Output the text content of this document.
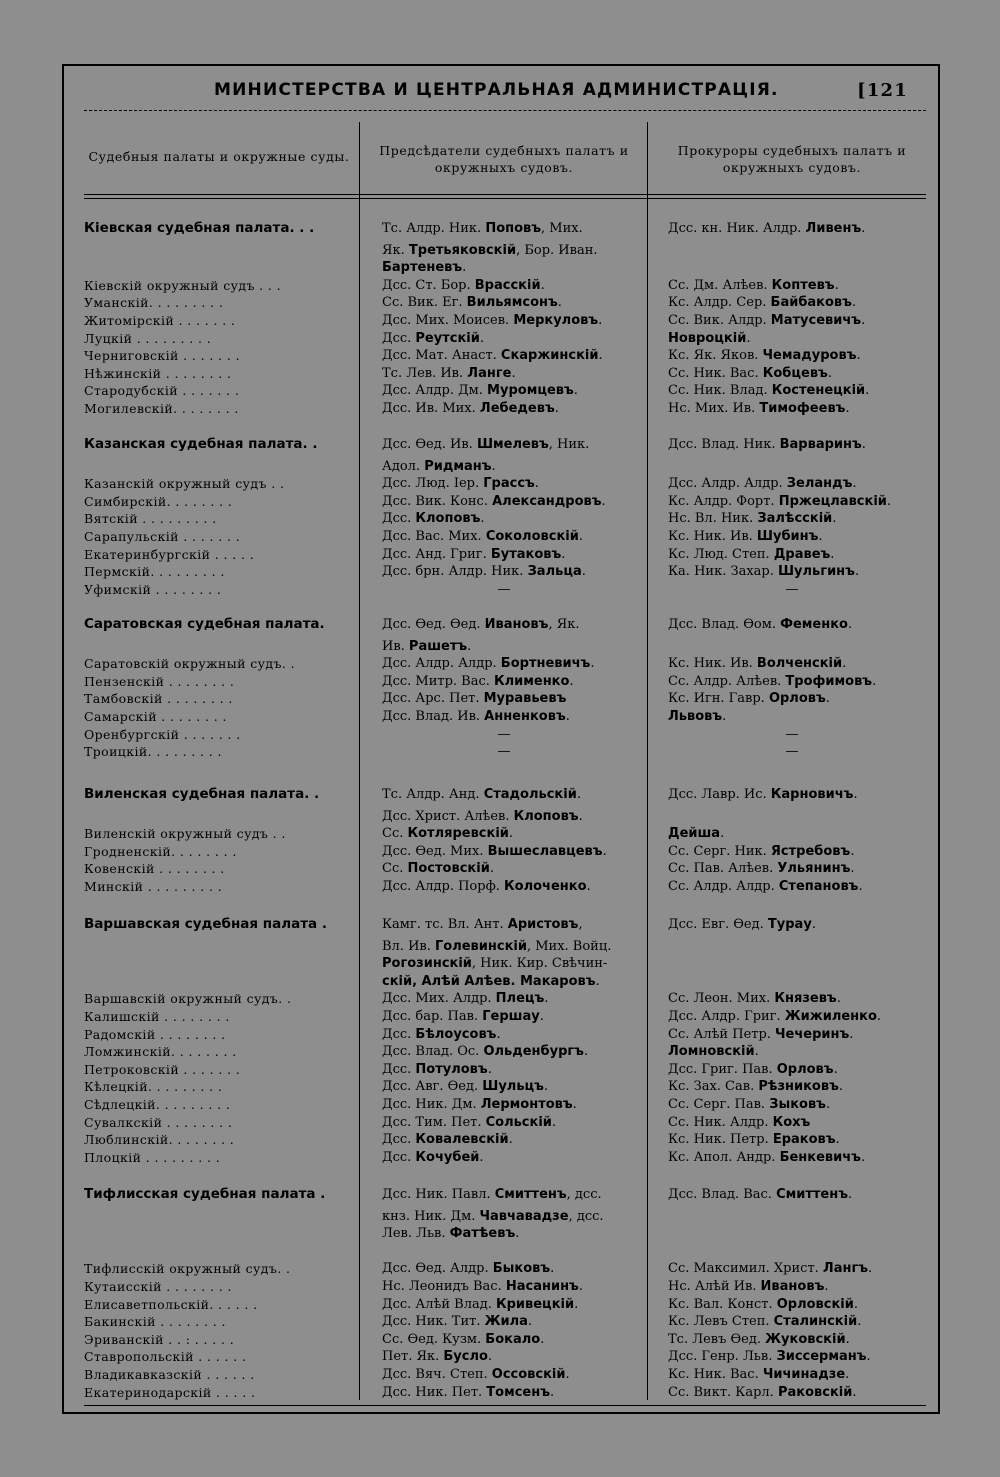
МИНИСТЕРСТВА И ЦЕНТРАЛЬНАЯ АДМИНИСТРАЦІЯ.	[121
Судебныя палаты и окружные суды.	Предсѣдатели судебныхъ палатъ и окружныхъ судовъ.
Прокуроры судебныхъ палатъ и окружныхъ судовъ.
Кіевская судебная палата. . .
Кіевскій окружный судъ . . .
Уманскій. . . . . . . . .
Житомірскій . . . . . . .
Луцкій . . . . . . . . .
Черниговскій . . . . . . .
Нѣжинскій . . . . . . . .
Стародубскій . . . . . . .
Могилевскій. . . . . . . .
Тс. Алдр. Ник. Поповъ, Мих.
Як. Третьяковскій, Бор. Иван.
Бартеневъ.
Дсс. Ст. Бор. Врасскій.
Сс. Вик. Ег. Вильямсонъ.
Дсс. Мих. Моисев. Меркуловъ.
Дсс. Реутскій.
Дсс. Мат. Анаст. Скаржинскій.
Тс. Лев. Ив. Ланге.
Дсс. Алдр. Дм. Муромцевъ.
Дсс. Ив. Мих. Лебедевъ.
Дсс. кн. Ник. Алдр. Ливенъ.
Сс. Дм. Алѣев. Коптевъ.
Кс. Алдр. Сер. Байбаковъ.
Сс. Вик. Алдр. Матусевичъ.
Новроцкій.
Кс. Як. Яков. Чемадуровъ.
Сс. Ник. Вас. Кобцевъ.
Сс. Ник. Влад. Костенецкій.
Нс. Мих. Ив. Тимофеевъ.
Казанская судебная палата. .
Казанскій окружный судъ . .
Симбирскій. . . . . . . .
Вятскій . . . . . . . . .
Сарапульскій . . . . . . .
Екатеринбургскій . . . . .
Пермскій. . . . . . . . .
Уфимскій . . . . . . . .
Дсс. Ѳед. Ив. Шмелевъ, Ник.
Адол. Ридманъ.
Дсс. Люд. Іер. Грассъ.
Дсс. Вик. Конс. Александровъ.
Дсс. Клоповъ.
Дсс. Вас. Мих. Соколовскій.
Дсс. Анд. Григ. Бутаковъ.
Дсс. брн. Алдр. Ник. Зальца.
—
Дсс. Влад. Ник. Варваринъ.
Дсс. Алдр. Алдр. Зеландъ.
Кс. Алдр. Форт. Пржецлавскій.
Нс. Вл. Ник. Залѣсскій.
Кс. Ник. Ив. Шубинъ.
Кс. Люд. Степ. Дравеъ.
Ка. Ник. Захар. Шульгинъ.
—
Саратовская судебная палата.
Саратовскій окружный судъ. .
Пензенскій . . . . . . . .
Тамбовскій . . . . . . . .
Самарскій . . . . . . . .
Оренбургскій . . . . . . .
Троицкій. . . . . . . . .
Дсс. Ѳед. Ѳед. Ивановъ, Як.
Ив. Рашетъ.
Дсс. Алдр. Алдр. Бортневичъ.
Дсс. Митр. Вас. Клименко.
Дсс. Арс. Пет. Муравьевъ
Дсс. Влад. Ив. Анненковъ.
—
—
Дсс. Влад. Ѳом. Феменко.
Кс. Ник. Ив. Волченскій.
Сс. Алдр. Алѣев. Трофимовъ.
Кс. Игн. Гавр. Орловъ.
Львовъ.
—
—
Виленская судебная палата. .
Виленскій окружный судъ . .
Гродненскій. . . . . . . .
Ковенскій . . . . . . . .
Минскій . . . . . . . . .
Тс. Алдр. Анд. Стадольскій.
Дсс. Христ. Алѣев. Клоповъ.
Сс. Котляревскій.
Дсс. Ѳед. Мих. Вышеславцевъ.
Сс. Постовскій.
Дсс. Алдр. Порф. Колоченко.
Дсс. Лавр. Ис. Карновичъ.
Дейша.
Сс. Серг. Ник. Ястребовъ.
Сс. Пав. Алѣев. Ульянинъ.
Сс. Алдр. Алдр. Степановъ.
Варшавская судебная палата .
Варшавскій окружный судъ. .
Калишскій . . . . . . . .
Радомскій . . . . . . . .
Ломжинскій. . . . . . . .
Петроковскій . . . . . . .
Кѣлецкій. . . . . . . . .
Сѣдлецкій. . . . . . . . .
Сувалкскій . . . . . . . .
Люблинскій. . . . . . . .
Плоцкій . . . . . . . . .
Камг. тс. Вл. Ант. Аристовъ,
Вл. Ив. Голевинскій, Мих. Войц.
Рогозинскій, Ник. Кир. Свѣчин-
скій, Алѣй Алѣев. Макаровъ.
Дсс. Мих. Алдр. Плецъ.
Дсс. бар. Пав. Гершау.
Дсс. Бѣлоусовъ.
Дсс. Влад. Ос. Ольденбургъ.
Дсс. Потуловъ.
Дсс. Авг. Ѳед. Шульцъ.
Дсс. Ник. Дм. Лермонтовъ.
Дсс. Тим. Пет. Сольскій.
Дсс. Ковалевскій.
Дсс. Кочубей.
Дсс. Евг. Ѳед. Турау.
Сс. Леон. Мих. Князевъ.
Дсс. Алдр. Григ. Жижиленко.
Сс. Алѣй Петр. Чечеринъ.
Ломновскій.
Дсс. Григ. Пав. Орловъ.
Кс. Зах. Сав. Рѣзниковъ.
Сс. Серг. Пав. Зыковъ.
Сс. Ник. Алдр. Кохъ
Кс. Ник. Петр. Ераковъ.
Кс. Апол. Андр. Бенкевичъ.
Тифлисская судебная палата .
Тифлисскій окружный судъ. .
Кутаисскій . . . . . . . .
Елисаветпольскій. . . . . .
Бакинскій . . . . . . . .
Эриванскій . . : . . . . .
Ставропольскій . . . . . .
Владикавказскій . . . . . .
Екатеринодарскій . . . . .
Дсс. Ник. Павл. Смиттенъ, дсс.
кнз. Ник. Дм. Чавчавадзе, дсс.
Лев. Льв. Фатѣевъ.
Дсс. Ѳед. Алдр. Быковъ.
Нс. Леонидъ Вас. Насанинъ.
Дсс. Алѣй Влад. Кривецкій.
Дсс. Ник. Тит. Жила.
Сс. Ѳед. Кузм. Бокало.
Пет. Як. Бусло.
Дсс. Вяч. Степ. Оссовскій.
Дсс. Ник. Пет. Томсенъ.
Дсс. Влад. Вас. Смиттенъ.
Сс. Максимил. Христ. Лангъ.
Нс. Алѣй Ив. Ивановъ.
Кс. Вал. Конст. Орловскій.
Кс. Левъ Степ. Сталинскій.
Тс. Левъ Ѳед. Жуковскій.
Дсс. Генр. Льв. Зиссерманъ.
Кс. Ник. Вас. Чичинадзе.
Сс. Викт. Карл. Раковскій.
